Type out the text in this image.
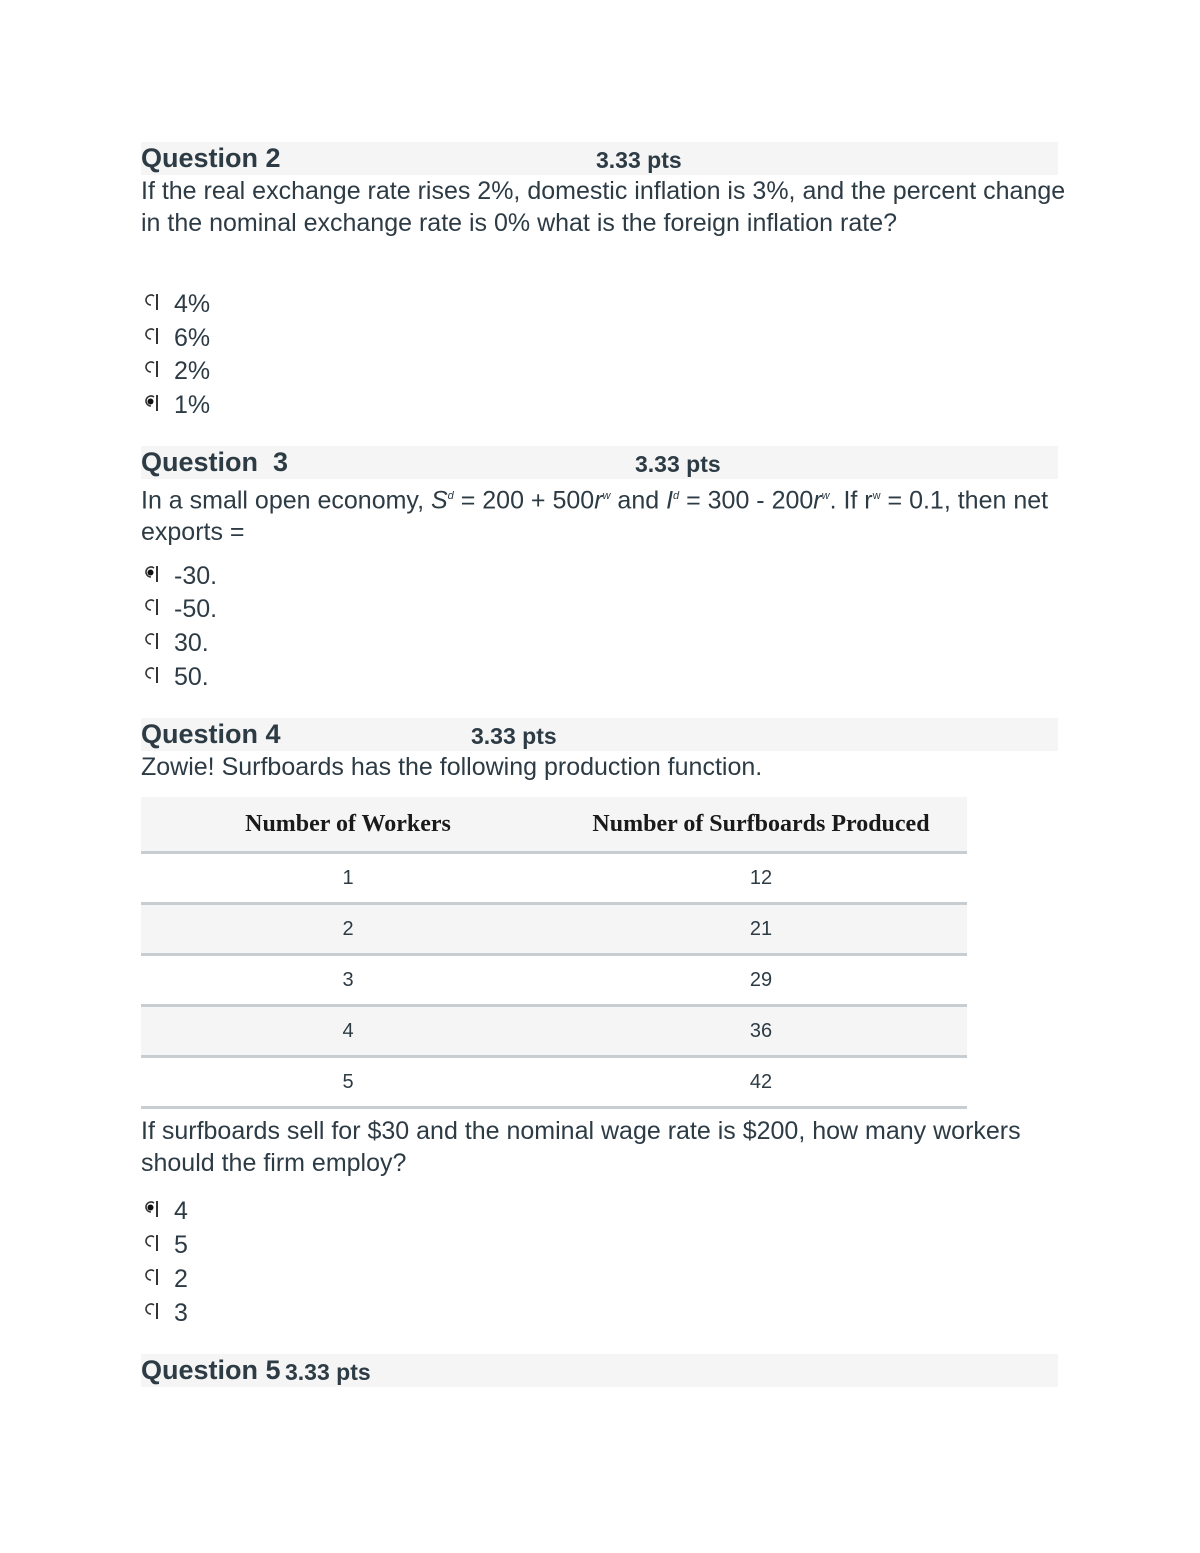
Question 2	3.33 pts
If the real exchange rate rises 2%, domestic inflation is 3%, and the percent change in the nominal exchange rate is 0% what is the foreign inflation rate?
4%
6%
2%
1%
Question  3	3.33 pts
In a small open economy, $S^d = 200 + 500r^w$ and $I^d = 300 - 200r^w$. If $r^w = 0.1$, then net exports =
-30.
-50.
30.
50.
Question 4	3.33 pts
Zowie! Surfboards has the following production function.
Number of Workers	Number of Surfboards Produced
1	12
2	21
3	29
4	36
5	42
If surfboards sell for $30 and the nominal wage rate is $200, how many workers should the firm employ?
4
5
2
3
Question 5 3.33 pts
